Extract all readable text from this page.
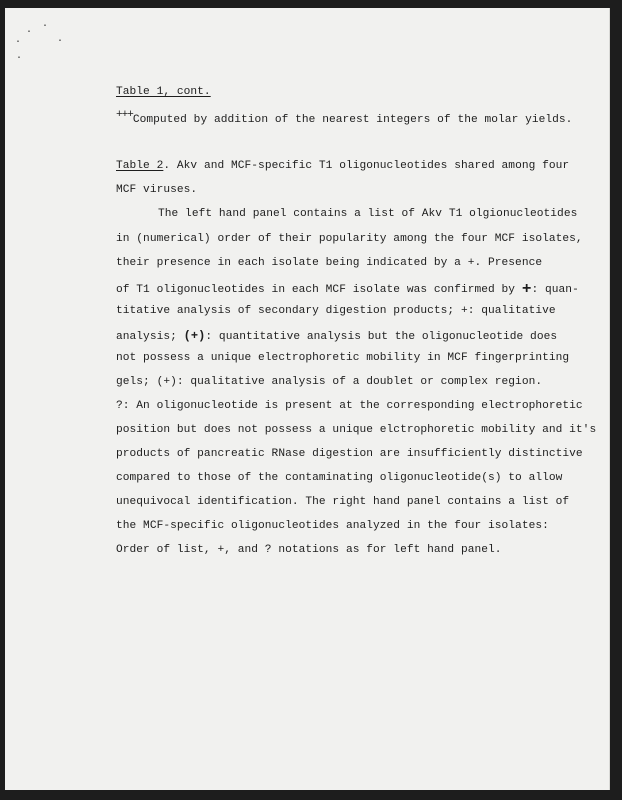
.
·
.	.
.
Table 1, cont.
+++Computed by addition of the nearest integers of the molar yields.
Table 2. Akv and MCF-specific T1 oligonucleotides shared among four
MCF viruses.
The left hand panel contains a list of Akv T1 olgionucleotides
in (numerical) order of their popularity among the four MCF isolates,
their presence in each isolate being indicated by a +. Presence
of T1 oligonucleotides in each MCF isolate was confirmed by +: quan-
titative analysis of secondary digestion products; +: qualitative
analysis; (+): quantitative analysis but the oligonucleotide does
not possess a unique electrophoretic mobility in MCF fingerprinting
gels; (+): qualitative analysis of a doublet or complex region.
?: An oligonucleotide is present at the corresponding electrophoretic
position but does not possess a unique elctrophoretic mobility and it's
products of pancreatic RNase digestion are insufficiently distinctive
compared to those of the contaminating oligonucleotide(s) to allow
unequivocal identification. The right hand panel contains a list of
the MCF-specific oligonucleotides analyzed in the four isolates:
Order of list, +, and ? notations as for left hand panel.
